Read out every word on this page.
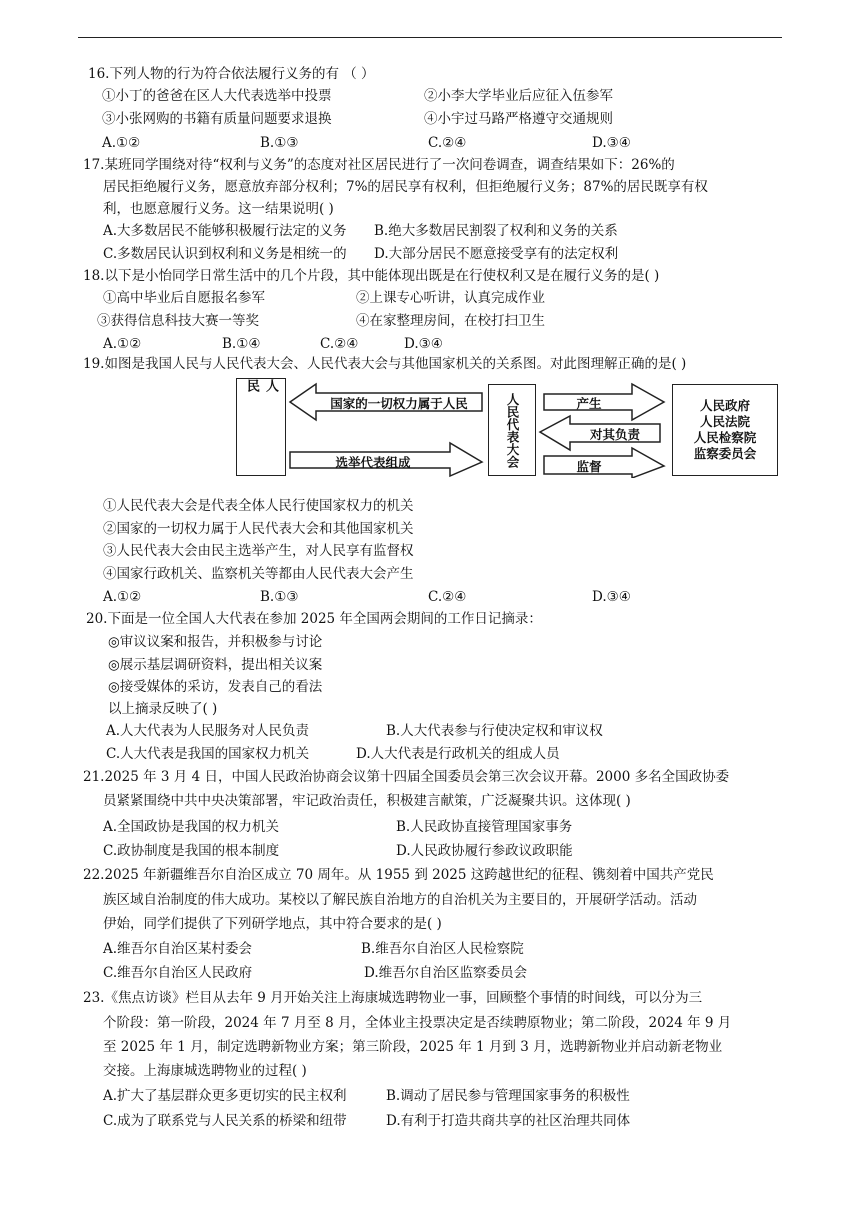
16.下列人物的行为符合依法履行义务的有 （ ）
①小丁的爸爸在区人大代表选举中投票	②小李大学毕业后应征入伍参军
③小张网购的书籍有质量问题要求退换	④小宇过马路严格遵守交通规则
A.①②	B.①③	C.②④	D.③④
17.某班同学围绕对待“权利与义务”的态度对社区居民进行了一次问卷调查，调查结果如下：26%的
居民拒绝履行义务，愿意放弃部分权利；7%的居民享有权利，但拒绝履行义务；87%的居民既享有权
利，也愿意履行义务。这一结果说明( )
A.大多数居民不能够积极履行法定的义务 B.绝大多数居民割裂了权利和义务的关系
C.多数居民认识到权利和义务是相统一的 D.大部分居民不愿意接受享有的法定权利
18.以下是小怡同学日常生活中的几个片段，其中能体现出既是在行使权利又是在履行义务的是( )
①高中毕业后自愿报名参军	②上课专心听讲，认真完成作业
③获得信息科技大赛一等奖	④在家整理房间，在校打扫卫生
A.①②	B.①④	C.②④	D.③④
19.如图是我国人民与人民代表大会、人民代表大会与其他国家机关的关系图。对此图理解正确的是( )
人 民	国家的一切权力属于人民
选举代表组成	人民代表大会	产生
对其负责
监督
人民政府
人民法院
人民检察院
监察委员会
①人民代表大会是代表全体人民行使国家权力的机关
②国家的一切权力属于人民代表大会和其他国家机关
③人民代表大会由民主选举产生，对人民享有监督权
④国家行政机关、监察机关等都由人民代表大会产生
A.①②	B.①③	C.②④	D.③④
20.下面是一位全国人大代表在参加 2025 年全国两会期间的工作日记摘录：
◎审议议案和报告，并积极参与讨论
◎展示基层调研资料，提出相关议案
◎接受媒体的采访，发表自己的看法
以上摘录反映了( )
A.人大代表为人民服务对人民负责	B.人大代表参与行使决定权和审议权
C.人大代表是我国的国家权力机关	D.人大代表是行政机关的组成人员
21.2025 年 3 月 4 日，中国人民政治协商会议第十四届全国委员会第三次会议开幕。2000 多名全国政协委
员紧紧围绕中共中央决策部署，牢记政治责任，积极建言献策，广泛凝聚共识。这体现( )
A.全国政协是我国的权力机关	B.人民政协直接管理国家事务
C.政协制度是我国的根本制度	D.人民政协履行参政议政职能
22.2025 年新疆维吾尔自治区成立 70 周年。从 1955 到 2025 这跨越世纪的征程、镌刻着中国共产党民
族区域自治制度的伟大成功。某校以了解民族自治地方的自治机关为主要目的，开展研学活动。活动
伊始，同学们提供了下列研学地点，其中符合要求的是( )
A.维吾尔自治区某村委会	B.维吾尔自治区人民检察院
C.维吾尔自治区人民政府	D.维吾尔自治区监察委员会
23.《焦点访谈》栏目从去年 9 月开始关注上海康城选聘物业一事，回顾整个事情的时间线，可以分为三
个阶段：第一阶段，2024 年 7 月至 8 月，全体业主投票决定是否续聘原物业；第二阶段，2024 年 9 月
至 2025 年 1 月，制定选聘新物业方案；第三阶段，2025 年 1 月到 3 月，选聘新物业并启动新老物业
交接。上海康城选聘物业的过程( )
A.扩大了基层群众更多更切实的民主权利	B.调动了居民参与管理国家事务的积极性
C.成为了联系党与人民关系的桥梁和纽带	D.有利于打造共商共享的社区治理共同体
